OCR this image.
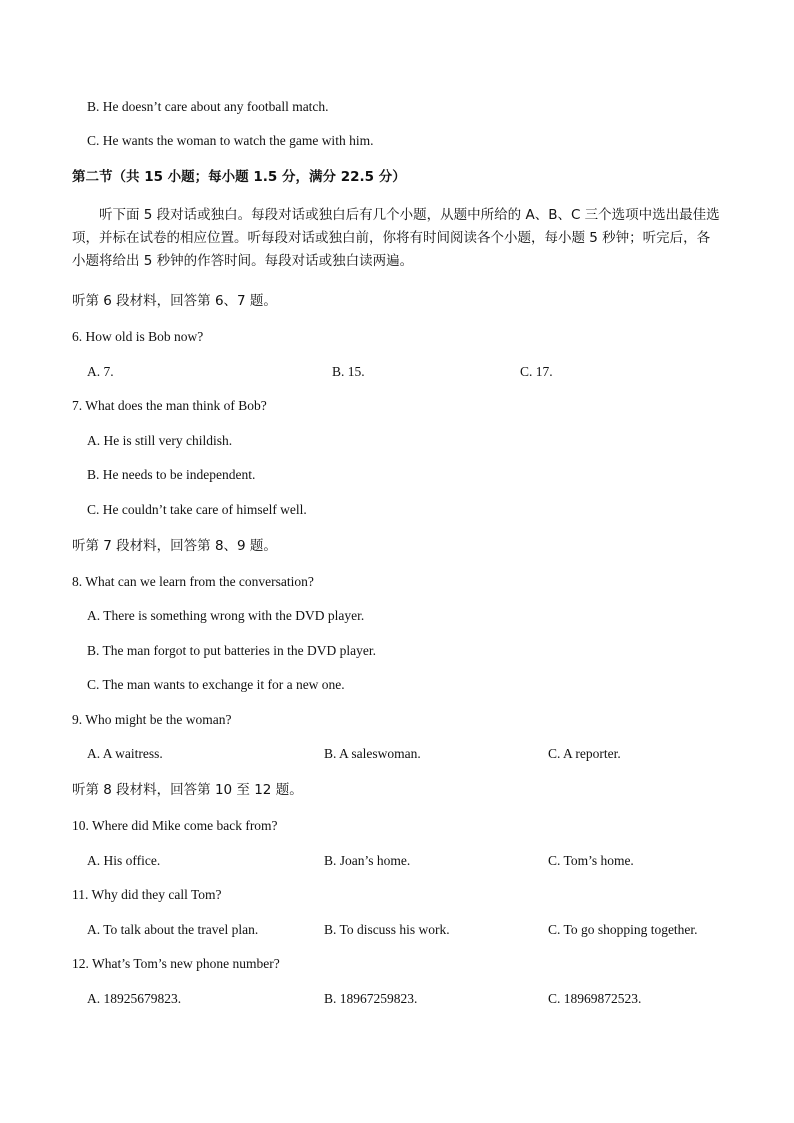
B. He doesn’t care about any football match.
C. He wants the woman to watch the game with him.
第二节（共 15 小题；每小题 1.5 分，满分 22.5 分）
听下面 5 段对话或独白。每段对话或独白后有几个小题，从题中所给的 A、B、C 三个选项中选出最佳选项，并标在试卷的相应位置。听每段对话或独白前，你将有时间阅读各个小题，每小题 5 秒钟；听完后，各小题将给出 5 秒钟的作答时间。每段对话或独白读两遍。
听第 6 段材料，回答第 6、7 题。
6. How old is Bob now?
A. 7.	B. 15.	C. 17.
7. What does the man think of Bob?
A. He is still very childish.
B. He needs to be independent.
C. He couldn’t take care of himself well.
听第 7 段材料，回答第 8、9 题。
8. What can we learn from the conversation?
A. There is something wrong with the DVD player.
B. The man forgot to put batteries in the DVD player.
C. The man wants to exchange it for a new one.
9. Who might be the woman?
A. A waitress.	B. A saleswoman.	C. A reporter.
听第 8 段材料，回答第 10 至 12 题。
10. Where did Mike come back from?
A. His office.	B. Joan’s home.	C. Tom’s home.
11. Why did they call Tom?
A. To talk about the travel plan.	B. To discuss his work.	C. To go shopping together.
12. What’s Tom’s new phone number?
A. 18925679823.	B. 18967259823.	C. 18969872523.
